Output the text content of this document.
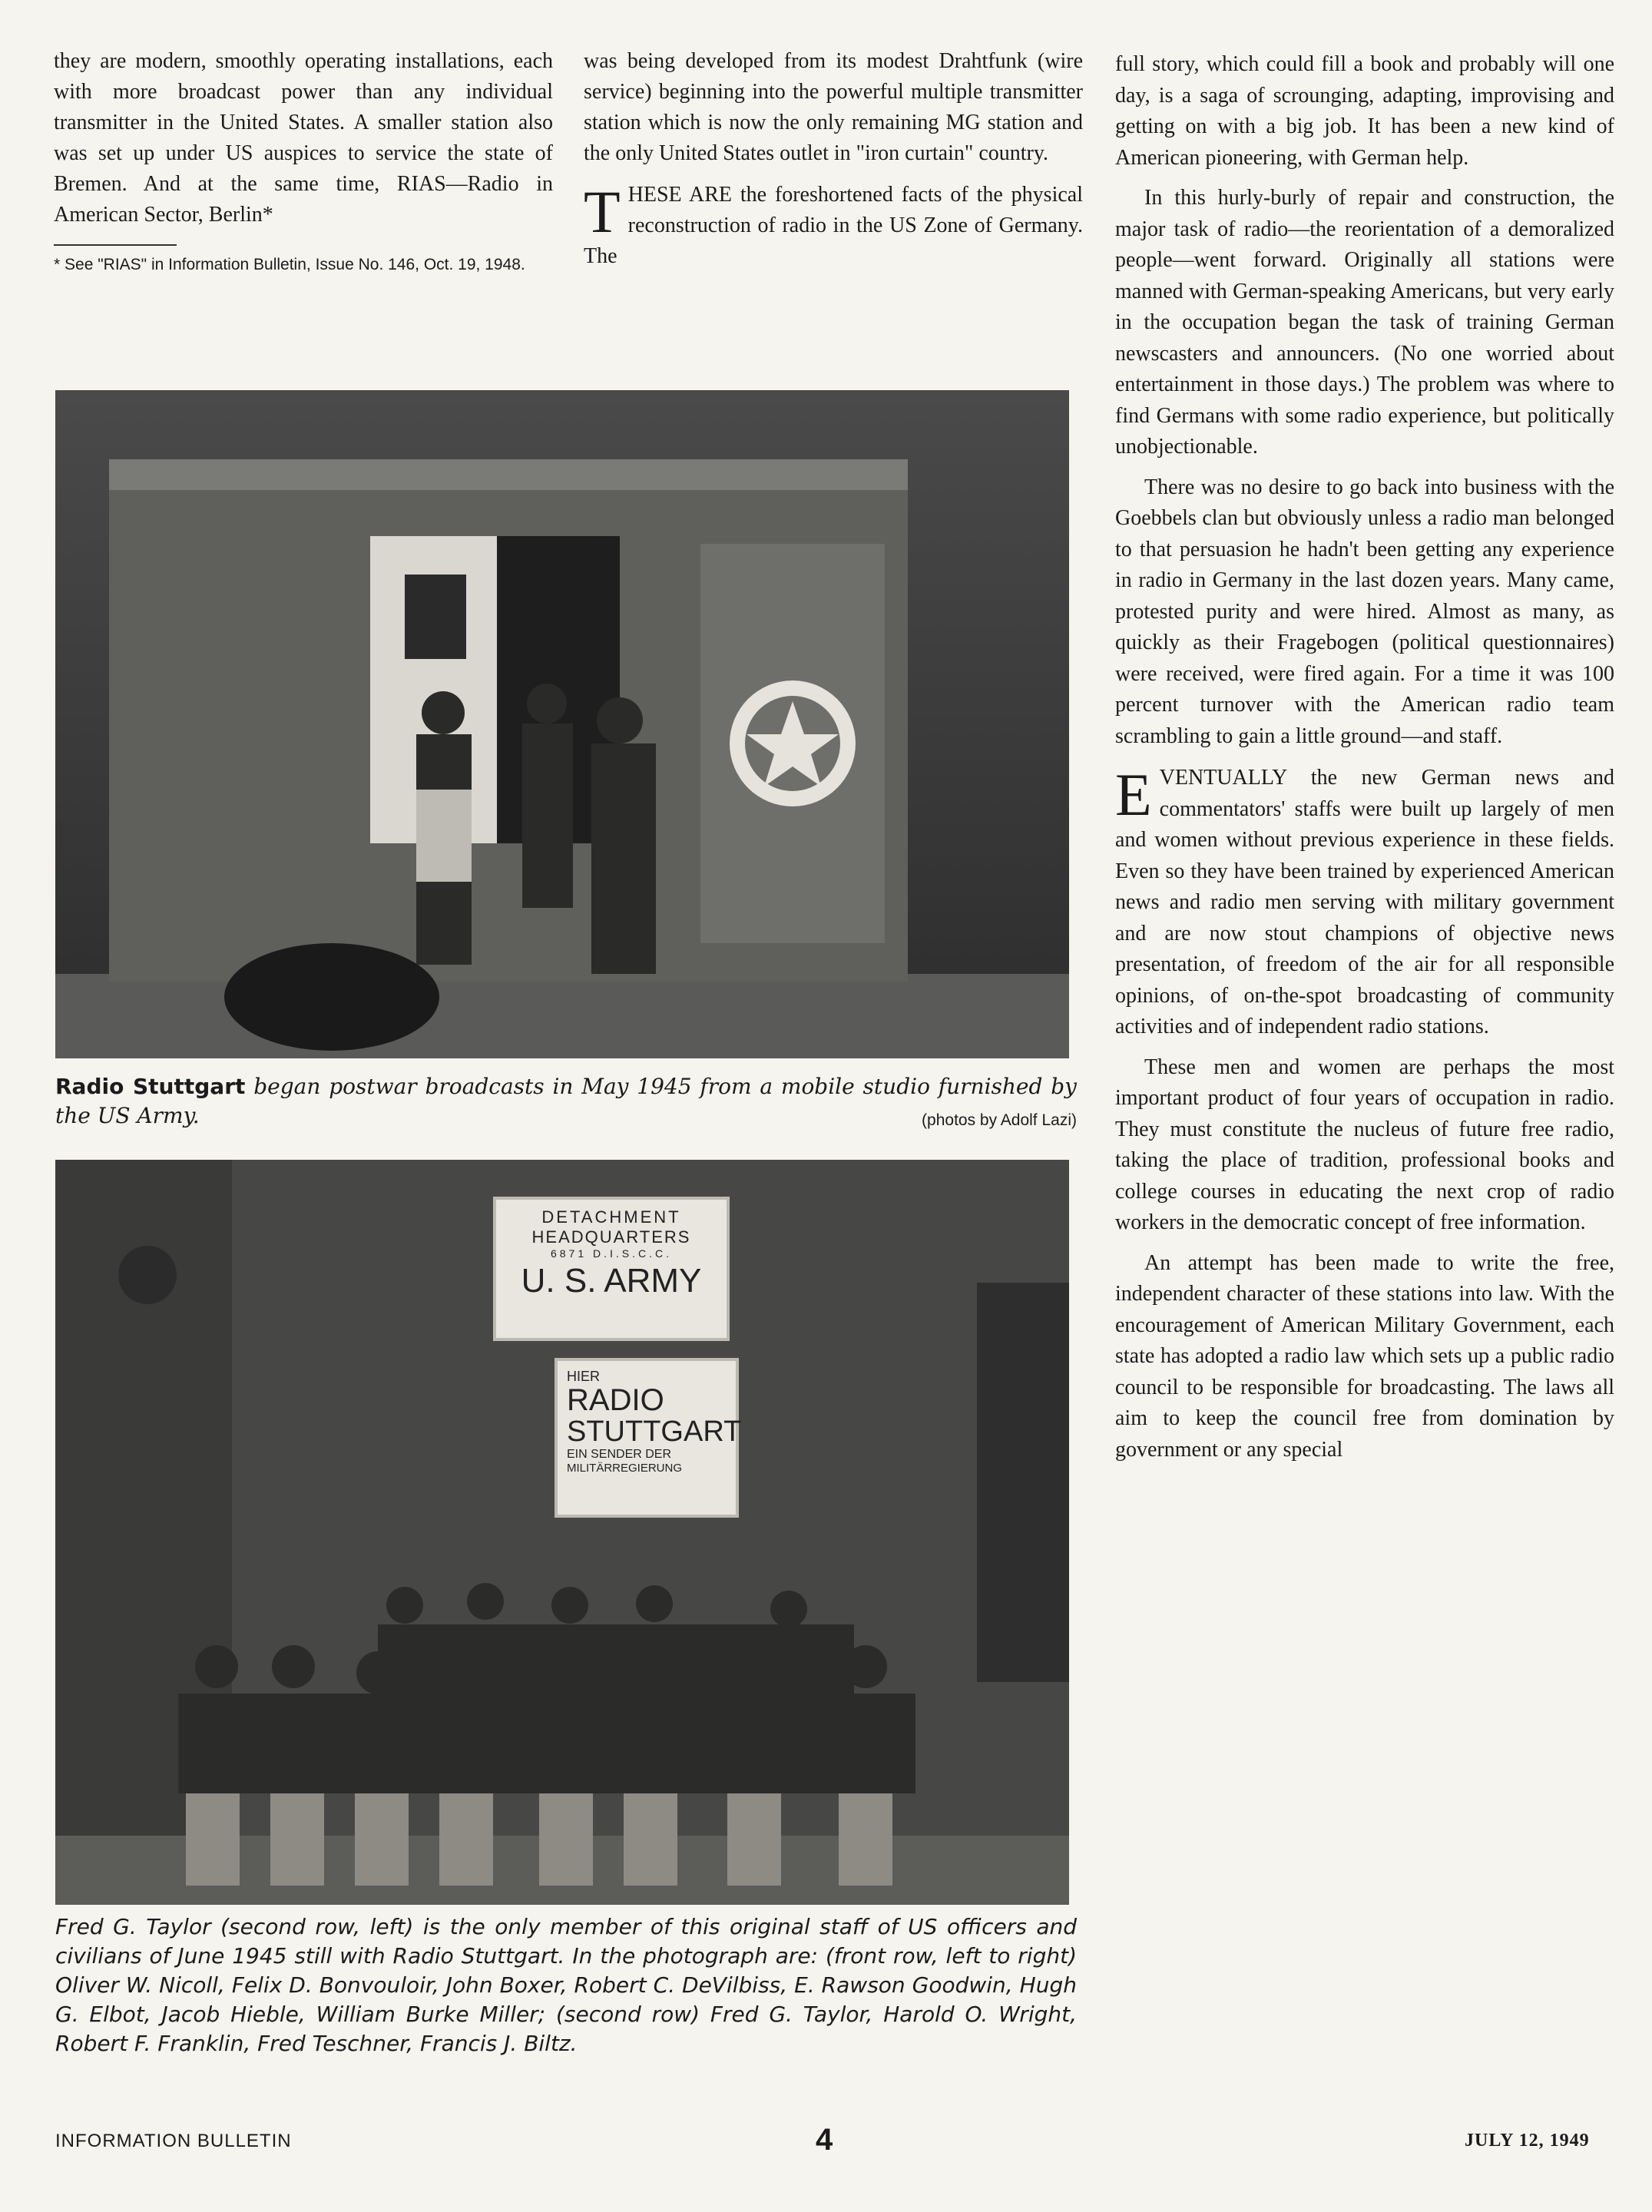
they are modern, smoothly operating installations, each with more broadcast power than any individual transmitter in the United States. A smaller station also was set up under US auspices to service the state of Bremen. And at the same time, RIAS—Radio in American Sector, Berlin*

* See "RIAS" in Information Bulletin, Issue No. 146, Oct. 19, 1948.

was being developed from its modest Drahtfunk (wire service) beginning into the powerful multiple transmitter station which is now the only remaining MG station and the only United States outlet in "iron curtain" country.

THESE ARE the foreshortened facts of the physical reconstruction of radio in the US Zone of Germany. The

full story, which could fill a book and probably will one day, is a saga of scrounging, adapting, improvising and getting on with a big job. It has been a new kind of American pioneering, with German help.

In this hurly-burly of repair and construction, the major task of radio—the reorientation of a demoralized people—went forward. Originally all stations were manned with German-speaking Americans, but very early in the occupation began the task of training German newscasters and announcers. (No one worried about entertainment in those days.) The problem was where to find Germans with some radio experience, but politically unobjectionable.

There was no desire to go back into business with the Goebbels clan but obviously unless a radio man belonged to that persuasion he hadn't been getting any experience in radio in Germany in the last dozen years. Many came, protested purity and were hired. Almost as many, as quickly as their Fragebogen (political questionnaires) were received, were fired again. For a time it was 100 percent turnover with the American radio team scrambling to gain a little ground—and staff.

EVENTUALLY the new German news and commentators' staffs were built up largely of men and women without previous experience in these fields. Even so they have been trained by experienced American news and radio men serving with military government and are now stout champions of objective news presentation, of freedom of the air for all responsible opinions, of on-the-spot broadcasting of community activities and of independent radio stations.

These men and women are perhaps the most important product of four years of occupation in radio. They must constitute the nucleus of future free radio, taking the place of tradition, professional books and college courses in educating the next crop of radio workers in the democratic concept of free information.

An attempt has been made to write the free, independent character of these stations into law. With the encouragement of American Military Government, each state has adopted a radio law which sets up a public radio council to be responsible for broadcasting. The laws all aim to keep the council free from domination by government or any special

Radio Stuttgart began postwar broadcasts in May 1945 from a mobile studio furnished by the US Army.	(photos by Adolf Lazi)
DETACHMENT
HEADQUARTERS
6871 D.I.S.C.C.
U. S. ARMY
HIER
RADIO
STUTTGART
EIN SENDER DER
MILITÄRREGIERUNG
Fred G. Taylor (second row, left) is the only member of this original staff of US officers and civilians of June 1945 still with Radio Stuttgart. In the photograph are: (front row, left to right) Oliver W. Nicoll, Felix D. Bonvouloir, John Boxer, Robert C. DeVilbiss, E. Rawson Goodwin, Hugh G. Elbot, Jacob Hieble, William Burke Miller; (second row) Fred G. Taylor, Harold O. Wright, Robert F. Franklin, Fred Teschner, Francis J. Biltz.
INFORMATION BULLETIN	4	JULY 12, 1949
